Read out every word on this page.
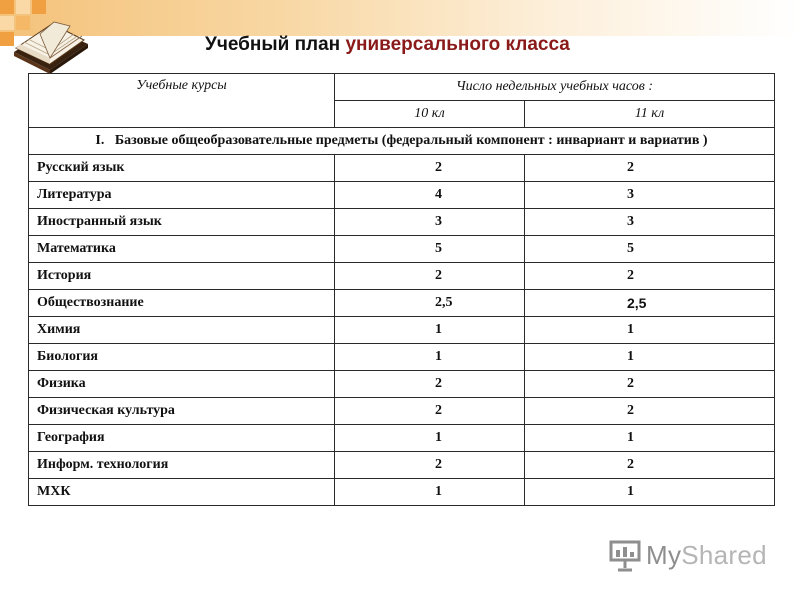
Учебный план универсального класса
Учебные курсы	Число недельных учебных часов :	
	10 кл	11 кл
I. Базовые общеобразовательные предметы (федеральный компонент : инвариант и вариатив )		
Русский язык	2	2
Литература	4	3
Иностранный язык	3	3
Математика	5	5
История	2	2
Обществознание	2,5	2,5
Химия	1	1
Биология	1	1
Физика	2	2
Физическая культура	2	2
География	1	1
Информ. технология	2	2
МХК	1	1
My Shared
